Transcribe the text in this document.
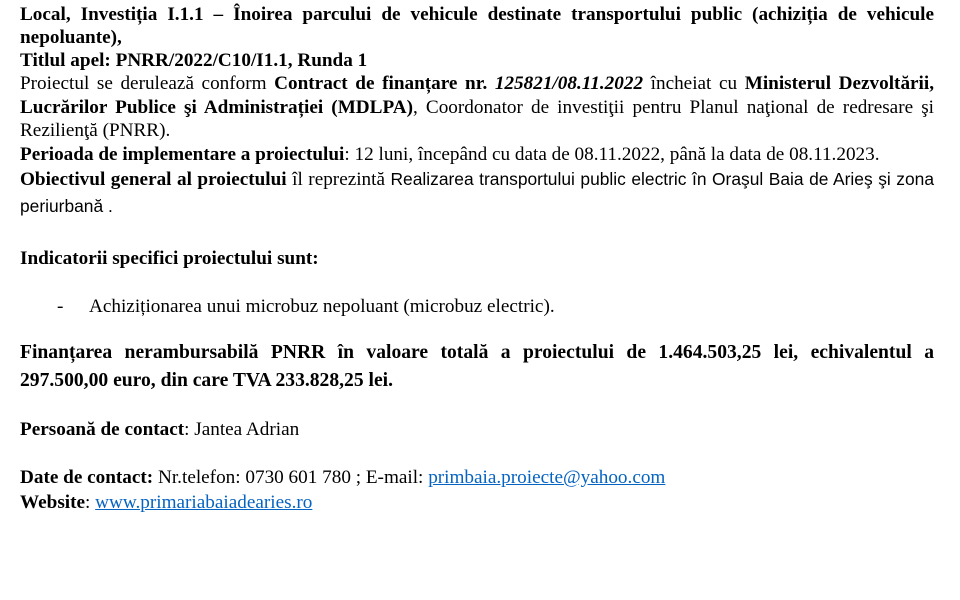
Local, Investiția I.1.1 – Înoirea parcului de vehicule destinate transportului public (achiziția de vehicule nepoluante),
Titlul apel: PNRR/2022/C10/I1.1, Runda 1

Proiectul se derulează conform Contract de finanțare nr. 125821/08.11.2022 încheiat cu Ministerul Dezvoltării, Lucrărilor Publice şi Administrației (MDLPA), Coordonator de investiţii pentru Planul naţional de redresare şi Rezilienţă (PNRR).

Perioada de implementare a proiectului: 12 luni, începând cu data de 08.11.2022, până la data de 08.11.2023.

Obiectivul general al proiectului îl reprezintă Realizarea transportului public electric în Oraşul Baia de Arieş şi zona periurbană .

Indicatorii specifici proiectului sunt:

-	Achiziționarea unui microbuz nepoluant (microbuz electric).

Finanțarea nerambursabilă PNRR în valoare totală a proiectului de 1.464.503,25 lei, echivalentul a 297.500,00 euro, din care TVA 233.828,25 lei.

Persoană de contact: Jantea Adrian

Date de contact: Nr.telefon: 0730 601 780 ; E-mail: primbaia.proiecte@yahoo.com
Website: www.primariabaiadearies.ro
